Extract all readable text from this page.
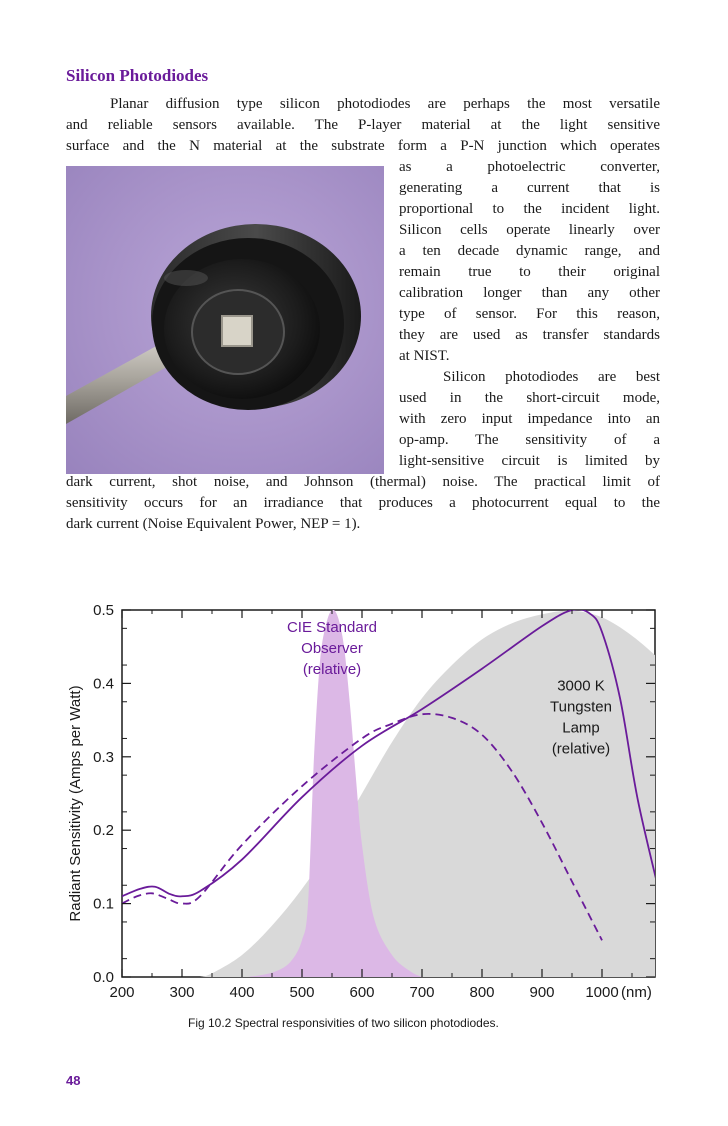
Silicon Photodiodes
Planar diffusion type silicon photodiodes are perhaps the most versatile
and reliable sensors available. The P-layer material at the light sensitive
surface and the N material at the substrate form a P-N junction which operates
as a photoelectric converter,
generating a current that is
proportional to the incident light.
Silicon cells operate linearly over
a ten decade dynamic range, and
remain true to their original
calibration longer than any other
type of sensor. For this reason,
they are used as transfer standards
at NIST.
Silicon photodiodes are best
used in the short-circuit mode,
with zero input impedance into an
op-amp. The sensitivity of a
light-sensitive circuit is limited by
dark current, shot noise, and Johnson (thermal) noise. The practical limit of
sensitivity occurs for an irradiance that produces a photocurrent equal to the
dark current (Noise Equivalent Power, NEP = 1).
200 300 400 500 600 700 800 900 1000
0.0
0.1
0.2
0.3
0.4
0.5
(nm)
Radiant Sensitivity (Amps per Watt)
CIE Standard
Observer
(relative)
3000 K
Tungsten
Lamp
(relative)
Fig 10.2 Spectral responsivities of two silicon photodiodes.
48
